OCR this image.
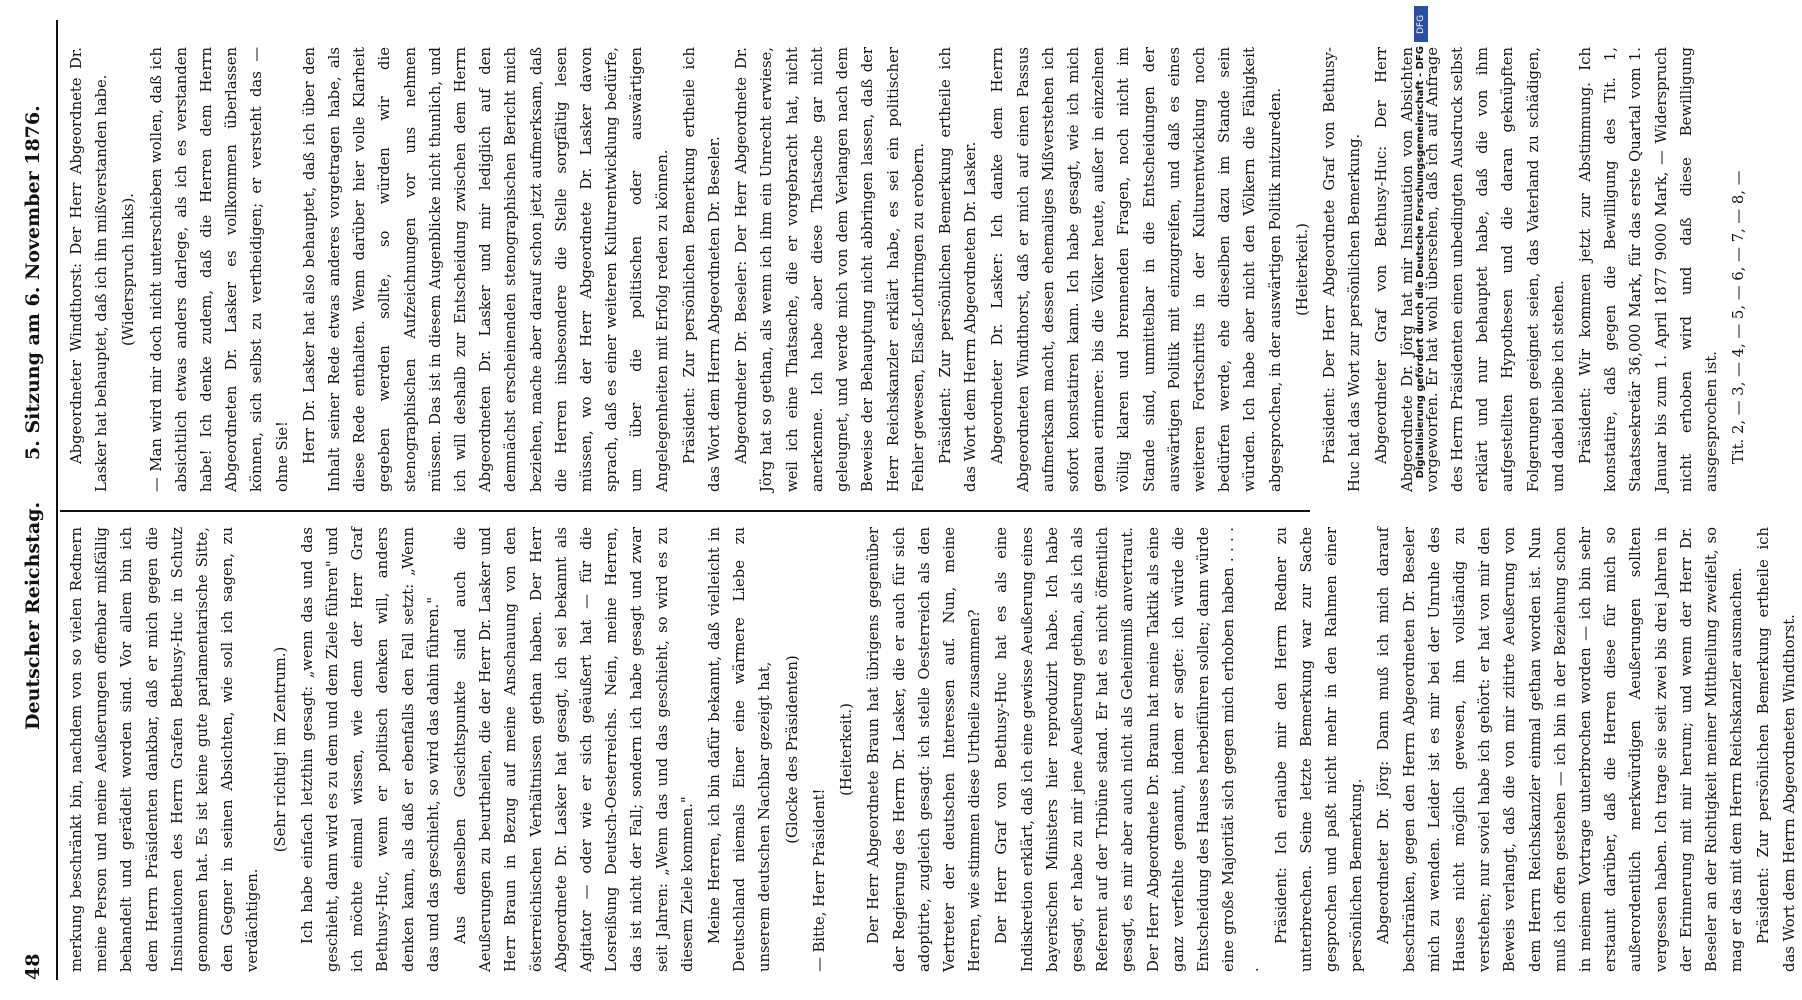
48
Deutscher Reichstag.
5. Sitzung am 6. November 1876.

merkung beschränkt bin, nachdem von so vielen Rednern meine Person und meine Aeußerungen offenbar mißfällig behandelt und gerädelt worden sind. Vor allem bin ich dem Herrn Präsidenten dankbar, daß er mich gegen die Insinuationen des Herrn Grafen Bethusy-Huc in Schutz genommen hat. Es ist keine gute parlamentarische Sitte, den Gegner in seinen Absichten, wie soll ich sagen, zu verdächtigen.

(Sehr richtig! im Zentrum.) Ich habe einfach letzthin gesagt: „wenn das und das geschieht, dann wird es zu dem und dem Ziele führen" und ich möchte einmal wissen, wie denn der Herr Graf Bethusy-Huc, wenn er politisch denken will, anders denken kann, als daß er ebenfalls den Fall setzt: „Wenn das und das geschieht, so wird das dahin führen." Aus denselben Gesichtspunkte sind auch die Aeußerungen zu beurtheilen, die der Herr Dr. Lasker und Herr Braun in Bezug auf meine Anschauung von den österreichischen Verhältnissen gethan haben. Der Herr Abgeordnete Dr. Lasker hat gesagt, ich sei bekannt als Agitator — oder wie er sich geäußert hat — für die Losreißung Deutsch-Oesterreichs. Nein, meine Herren, das ist nicht der Fall; sondern ich habe gesagt und zwar seit Jahren: „Wenn das und das geschieht, so wird es zu diesem Ziele kommen." Meine Herren, ich bin dafür bekannt, daß vielleicht in Deutschland niemals Einer eine wärmere Liebe zu unserem deutschen Nachbar gezeigt hat, (Glocke des Präsidenten)

— Bitte, Herr Präsident!

(Heiterkeit.) Der Herr Abgeordnete Braun hat übrigens gegenüber der Regierung des Herrn Dr. Lasker, die er auch für sich adoptirte, zugleich gesagt: ich stelle Oesterreich als den Vertreter der deutschen Interessen auf. Nun, meine Herren, wie stimmen diese Urtheile zusammen? Der Herr Graf von Bethusy-Huc hat es als eine Indiskretion erklärt, daß ich eine gewisse Aeußerung eines bayerischen Ministers hier reproduzirt habe. Ich habe gesagt, er habe zu mir jene Aeußerung gethan, als ich als Referent auf der Tribüne stand. Er hat es nicht öffentlich gesagt, es mir aber auch nicht als Geheimniß anvertraut. Der Herr Abgeordnete Dr. Braun hat meine Taktik als eine ganz verfehlte genannt, indem er sagte: ich würde die Entscheidung des Hauses herbeiführen sollen; dann würde eine große Majorität sich gegen mich erhoben haben . . . . .

Präsident: Ich erlaube mir den Herrn Redner zu unterbrechen. Seine letzte Bemerkung war zur Sache gesprochen und paßt nicht mehr in den Rahmen einer persönlichen Bemerkung. Abgeordneter Dr. Jörg: Dann muß ich mich darauf beschränken, gegen den Herrn Abgeordneten Dr. Beseler mich zu wenden. Leider ist es mir bei der Unruhe des Hauses nicht möglich gewesen, ihn vollständig zu verstehen; nur soviel habe ich gehört: er hat von mir den Beweis verlangt, daß die von mir zitirte Aeußerung von dem Herrn Reichskanzler einmal gethan worden ist. Nun muß ich offen gestehen — ich bin in der Beziehung schon in meinem Vortrage unterbrochen worden — ich bin sehr erstaunt darüber, daß die Herren diese für mich so außerordentlich merkwürdigen Aeußerungen sollten vergessen haben. Ich trage sie seit zwei bis drei Jahren in der Erinnerung mit mir herum; und wenn der Herr Dr. Beseler an der Richtigkeit meiner Mittheilung zweifelt, so mag er das mit dem Herrn Reichskanzler ausmachen. Präsident: Zur persönlichen Bemerkung ertheile ich das Wort dem Herrn Abgeordneten Windthorst.

Abgeordneter Windthorst: Der Herr Abgeordnete Dr. Lasker hat behauptet, daß ich ihn mißverstanden habe. (Widerspruch links). — Man wird mir doch nicht unterschieben wollen, daß ich absichtlich etwas anders darlege, als ich es verstanden habe! Ich denke zudem, daß die Herren dem Herrn Abgeordneten Dr. Lasker es vollkommen überlassen können, sich selbst zu vertheidigen; er versteht das — ohne Sie! Herr Dr. Lasker hat also behauptet, daß ich über den Inhalt seiner Rede etwas anderes vorgetragen habe, als diese Rede enthalten. Wenn darüber hier volle Klarheit gegeben werden sollte, so würden wir die stenographischen Aufzeichnungen vor uns nehmen müssen. Das ist in diesem Augenblicke nicht thunlich, und ich will deshalb zur Entscheidung zwischen dem Herrn Abgeordneten Dr. Lasker und mir lediglich auf den demnächst erscheinenden stenographischen Bericht mich beziehen, mache aber darauf schon jetzt aufmerksam, daß die Herren insbesondere die Stelle sorgfältig lesen müssen, wo der Herr Abgeordnete Dr. Lasker davon sprach, daß es einer weiteren Kulturentwicklung bedürfe, um über die politischen oder auswärtigen Angelegenheiten mit Erfolg reden zu können. Präsident: Zur persönlichen Bemerkung ertheile ich das Wort dem Herrn Abgeordneten Dr. Beseler. Abgeordneter Dr. Beseler: Der Herr Abgeordnete Dr. Jörg hat so gethan, als wenn ich ihm ein Unrecht erwiese, weil ich eine Thatsache, die er vorgebracht hat, nicht anerkenne. Ich habe aber diese Thatsache gar nicht geleugnet, und werde mich von dem Verlangen nach dem Beweise der Behauptung nicht abbringen lassen, daß der Herr Reichskanzler erklärt habe, es sei ein politischer Fehler gewesen, Elsaß-Lothringen zu erobern. Präsident: Zur persönlichen Bemerkung ertheile ich das Wort dem Herrn Abgeordneten Dr. Lasker. Abgeordneter Dr. Lasker: Ich danke dem Herrn Abgeordneten Windthorst, daß er mich auf einen Passus aufmerksam macht, dessen ehemaliges Mißverstehen ich sofort konstatiren kann. Ich habe gesagt, wie ich mich genau erinnere: bis die Völker heute, außer in einzelnen völlig klaren und brennenden Fragen, noch nicht im Stande sind, unmittelbar in die Entscheidungen der auswärtigen Politik mit einzugreifen, und daß es eines weiteren Fortschritts in der Kulturentwicklung noch bedürfen werde, ehe dieselben dazu im Stande sein würden. Ich habe aber nicht den Völkern die Fähigkeit abgesprochen, in der auswärtigen Politik mitzureden. (Heiterkeit.) Präsident: Der Herr Abgeordnete Graf von Bethusy-Huc hat das Wort zur persönlichen Bemerkung. Abgeordneter Graf von Bethusy-Huc: Der Herr Abgeordnete Dr. Jörg hat mir Insinuation von Absichten vorgeworfen. Er hat wohl übersehen, daß ich auf Anfrage des Herrn Präsidenten einen unbedingten Ausdruck selbst erklärt und nur behauptet habe, daß die von ihm aufgestellten Hypothesen und die daran geknüpften Folgerungen geeignet seien, das Vaterland zu schädigen, und dabei bleibe ich stehen. Präsident: Wir kommen jetzt zur Abstimmung. Ich konstatire, daß gegen die Bewilligung des Tit. 1, Staatssekretär 36,000 Mark, für das erste Quartal vom 1. Januar bis zum 1. April 1877 9000 Mark, — Widerspruch nicht erhoben wird und daß diese Bewilligung ausgesprochen ist. Tit. 2, — 3, — 4, — 5, — 6, — 7, — 8, —

DFG
Digitalisierung gefördert durch die Deutsche Forschungsgemeinschaft - DFG
